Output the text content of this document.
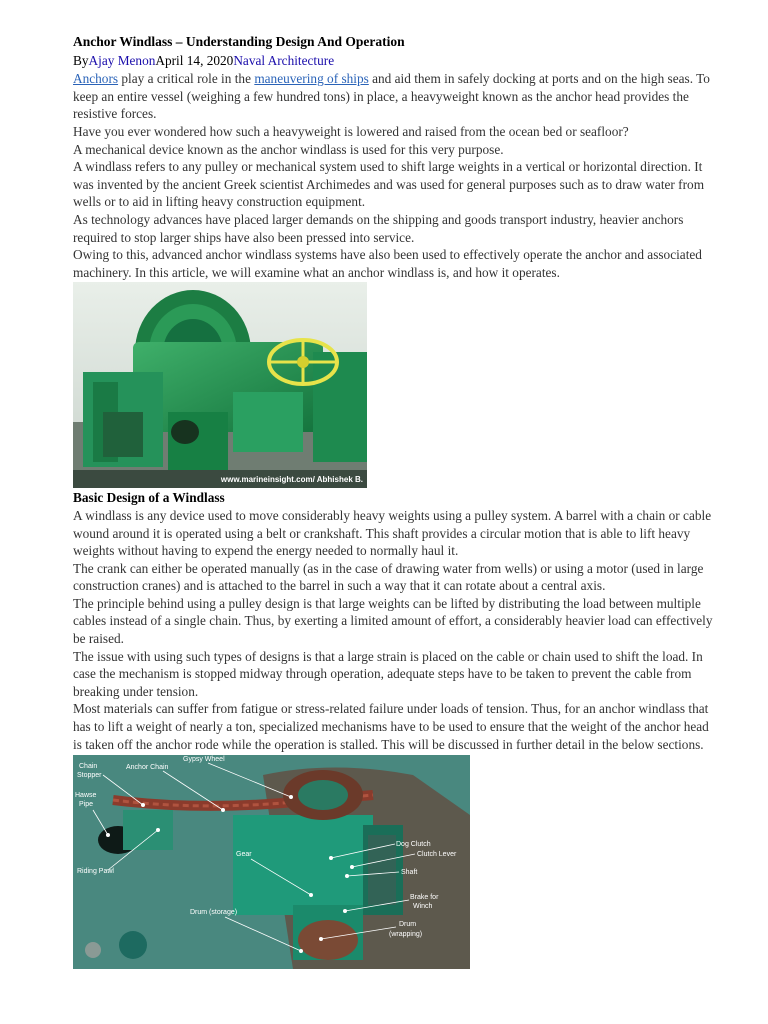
Anchor Windlass – Understanding Design And Operation
ByAjay MenonApril 14, 2020Naval Architecture

Anchors play a critical role in the maneuvering of ships and aid them in safely docking at ports and on the high seas. To keep an entire vessel (weighing a few hundred tons) in place, a heavyweight known as the anchor head provides the resistive forces.

Have you ever wondered how such a heavyweight is lowered and raised from the ocean bed or seafloor?

A mechanical device known as the anchor windlass is used for this very purpose.

A windlass refers to any pulley or mechanical system used to shift large weights in a vertical or horizontal direction. It was invented by the ancient Greek scientist Archimedes and was used for general purposes such as to draw water from wells or to aid in lifting heavy construction equipment.

As technology advances have placed larger demands on the shipping and goods transport industry, heavier anchors required to stop larger ships have also been pressed into service.

Owing to this, advanced anchor windlass systems have also been used to effectively operate the anchor and associated machinery. In this article, we will examine what an anchor windlass is, and how it operates.

www.marineinsight.com/ Abhishek B.
Basic Design of a Windlass

A windlass is any device used to move considerably heavy weights using a pulley system. A barrel with a chain or cable wound around it is operated using a belt or crankshaft. This shaft provides a circular motion that is able to lift heavy weights without having to expend the energy needed to normally haul it.

The crank can either be operated manually (as in the case of drawing water from wells) or using a motor (used in large construction cranes) and is attached to the barrel in such a way that it can rotate about a central axis.

The principle behind using a pulley design is that large weights can be lifted by distributing the load between multiple cables instead of a single chain. Thus, by exerting a limited amount of effort, a considerably heavier load can effectively be raised.

The issue with using such types of designs is that a large strain is placed on the cable or chain used to shift the load. In case the mechanism is stopped midway through operation, adequate steps have to be taken to prevent the cable from breaking under tension.

Most materials can suffer from fatigue or stress-related failure under loads of tension. Thus, for an anchor windlass that has to lift a weight of nearly a ton, specialized mechanisms have to be used to ensure that the weight of the anchor head is taken off the anchor rode while the operation is stalled. This will be discussed in further detail in the below sections.

Chain
Stopper
Anchor Chain
Gypsy Wheel
Hawse
Pipe
Riding Pawl
Gear
Dog Clutch
Clutch Lever
Shaft
Brake for
Winch
Drum (storage)
Drum
(wrapping)
